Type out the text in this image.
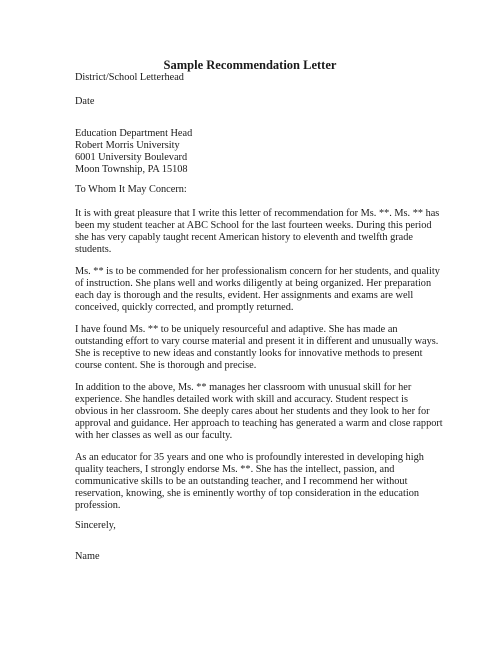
Sample Recommendation Letter

District/School Letterhead

Date

Education Department Head

Robert Morris University

6001 University Boulevard

Moon Township, PA 15108

To Whom It May Concern:

It is with great pleasure that I write this letter of recommendation for Ms. **. Ms. ** has

been my student teacher at ABC School for the last fourteen weeks. During this period

she has very capably taught recent American history to eleventh and twelfth grade

students.

Ms. ** is to be commended for her professionalism concern for her students, and quality

of instruction. She plans well and works diligently at being organized. Her preparation

each day is thorough and the results, evident. Her assignments and exams are well

conceived, quickly corrected, and promptly returned.

I have found Ms. ** to be uniquely resourceful and adaptive. She has made an

outstanding effort to vary course material and present it in different and unusually ways.

She is receptive to new ideas and constantly looks for innovative methods to present

course content. She is thorough and precise.

In addition to the above, Ms. ** manages her classroom with unusual skill for her

experience. She handles detailed work with skill and accuracy. Student respect is

obvious in her classroom. She deeply cares about her students and they look to her for

approval and guidance. Her approach to teaching has generated a warm and close rapport

with her classes as well as our faculty.

As an educator for 35 years and one who is profoundly interested in developing high

quality teachers, I strongly endorse Ms. **. She has the intellect, passion, and

communicative skills to be an outstanding teacher, and I recommend her without

reservation, knowing, she is eminently worthy of top consideration in the education

profession.

Sincerely,

Name
